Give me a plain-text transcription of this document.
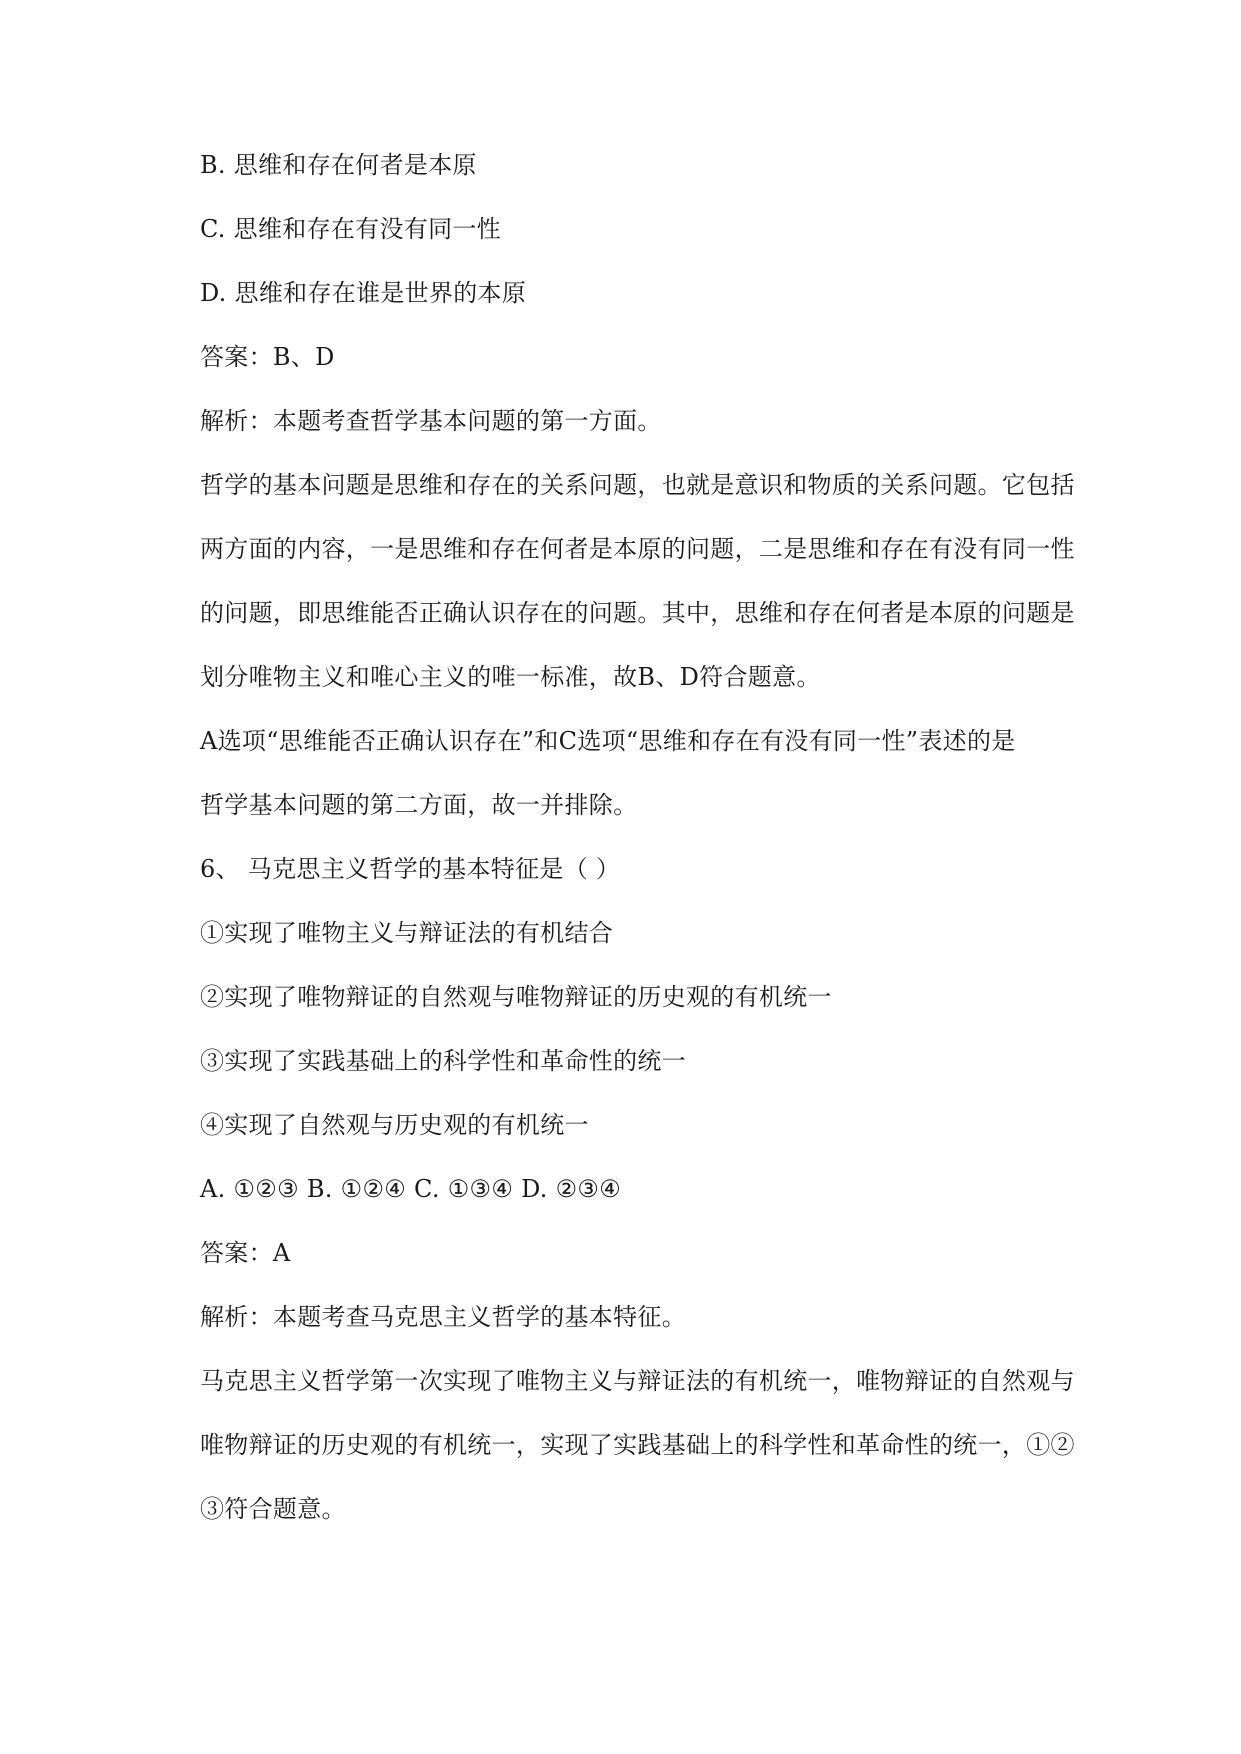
B. 思维和存在何者是本原

C. 思维和存在有没有同一性

D. 思维和存在谁是世界的本原

答案：B、D

解析：本题考查哲学基本问题的第一方面。

哲学的基本问题是思维和存在的关系问题，也就是意识和物质的关系问题。它包括

两方面的内容，一是思维和存在何者是本原的问题，二是思维和存在有没有同一性

的问题，即思维能否正确认识存在的问题。其中，思维和存在何者是本原的问题是

划分唯物主义和唯心主义的唯一标准，故B、D符合题意。

A选项“思维能否正确认识存在”和C选项“思维和存在有没有同一性”表述的是

哲学基本问题的第二方面，故一并排除。

6、 马克思主义哲学的基本特征是（ ）

①实现了唯物主义与辩证法的有机结合

②实现了唯物辩证的自然观与唯物辩证的历史观的有机统一

③实现了实践基础上的科学性和革命性的统一

④实现了自然观与历史观的有机统一

A. ①②③ B. ①②④ C. ①③④ D. ②③④

答案：A

解析：本题考查马克思主义哲学的基本特征。

马克思主义哲学第一次实现了唯物主义与辩证法的有机统一，唯物辩证的自然观与

唯物辩证的历史观的有机统一，实现了实践基础上的科学性和革命性的统一，①②

③符合题意。
